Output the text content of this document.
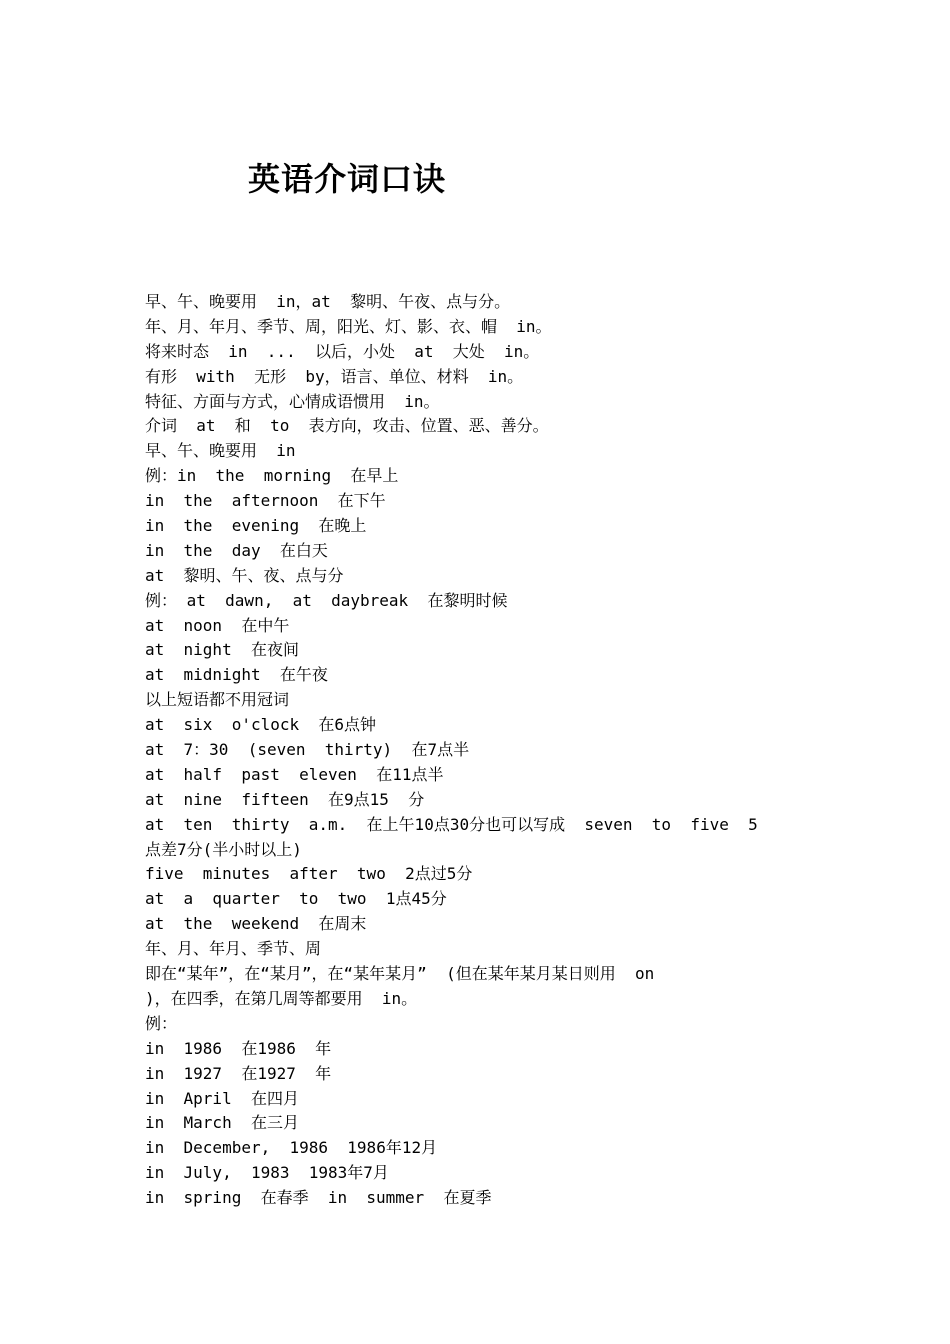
英语介词口诀
早、午、晚要用  in，at  黎明、午夜、点与分。
年、月、年月、季节、周，阳光、灯、影、衣、帽  in。
将来时态  in  ...  以后，小处  at  大处  in。
有形  with  无形  by，语言、单位、材料  in。
特征、方面与方式，心情成语惯用  in。
介词  at  和  to  表方向，攻击、位置、恶、善分。
早、午、晚要用  in
例：in  the  morning  在早上
in  the  afternoon  在下午
in  the  evening  在晚上
in  the  day  在白天
at  黎明、午、夜、点与分
例： at  dawn,  at  daybreak  在黎明时候
at  noon  在中午
at  night  在夜间
at  midnight  在午夜
以上短语都不用冠词
at  six  o'clock  在6点钟
at  7：30  (seven  thirty)  在7点半
at  half  past  eleven  在11点半
at  nine  fifteen  在9点15  分
at  ten  thirty  a.m.  在上午10点30分也可以写成  seven  to  five  5
点差7分(半小时以上)
five  minutes  after  two  2点过5分
at  a  quarter  to  two  1点45分
at  the  weekend  在周末
年、月、年月、季节、周
即在“某年”，在“某月”，在“某年某月”  (但在某年某月某日则用  on
)，在四季，在第几周等都要用  in。
例：
in  1986  在1986  年
in  1927  在1927  年
in  April  在四月
in  March  在三月
in  December,  1986  1986年12月
in  July,  1983  1983年7月
in  spring  在春季  in  summer  在夏季
